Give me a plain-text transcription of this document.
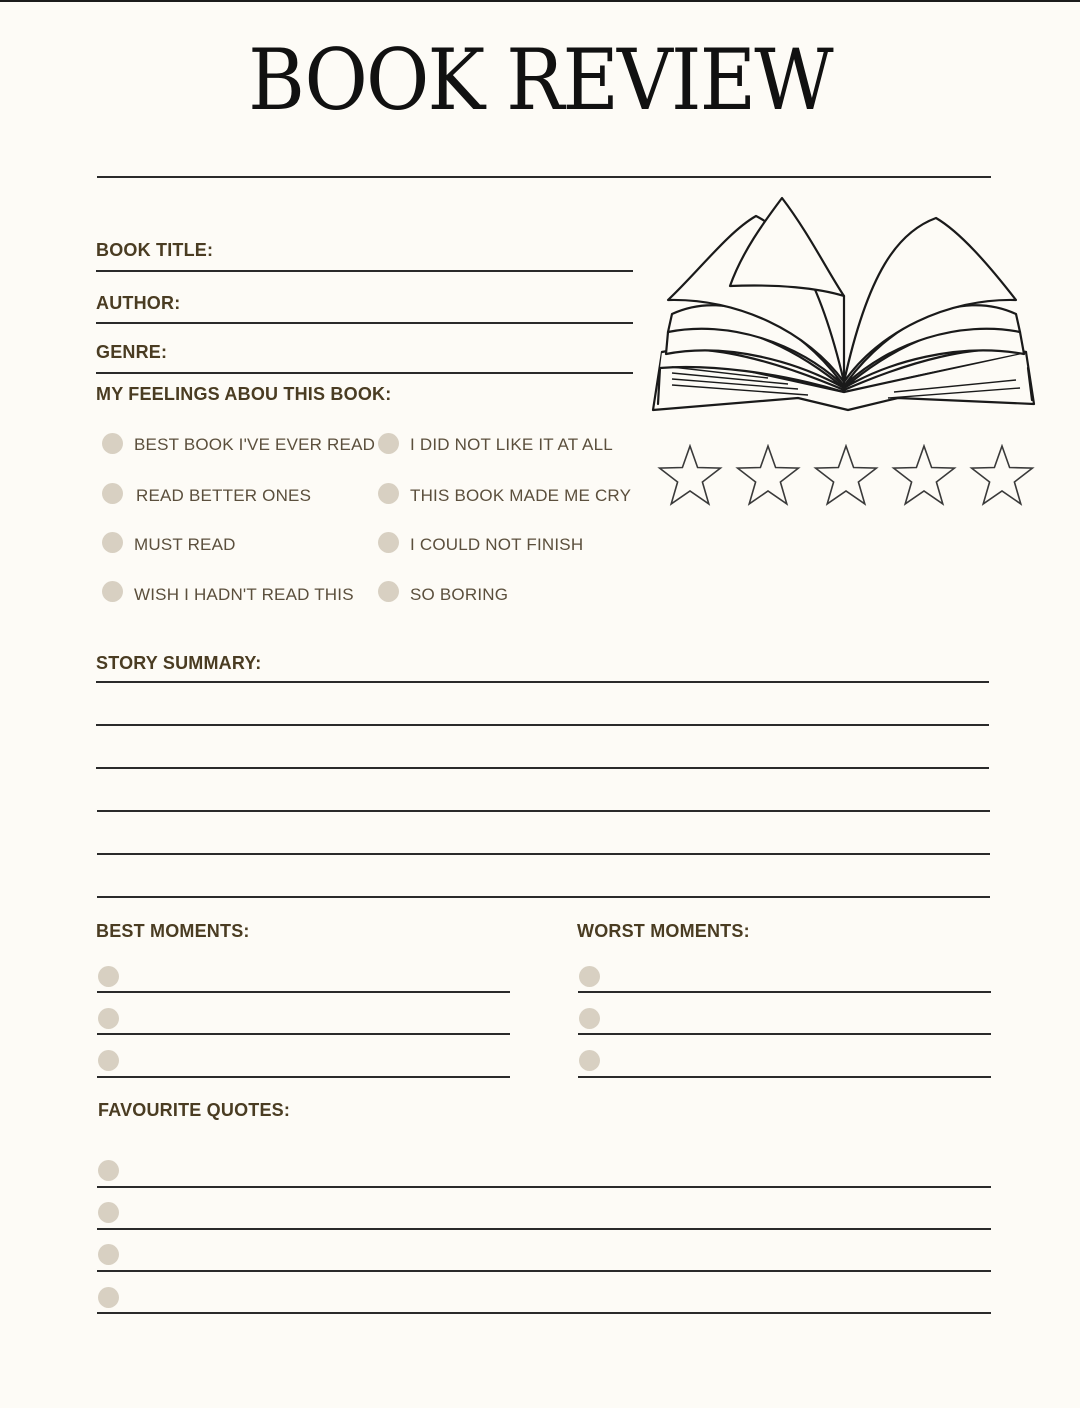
BOOK REVIEW
BOOK TITLE:
AUTHOR:
GENRE:
MY FEELINGS ABOU THIS BOOK:
BEST BOOK I'VE EVER READ
READ BETTER ONES
MUST READ
WISH I HADN'T READ THIS
I DID NOT LIKE IT AT ALL
THIS BOOK MADE ME CRY
I COULD NOT FINISH
SO BORING
STORY SUMMARY:
BEST MOMENTS:	WORST MOMENTS:
FAVOURITE QUOTES:
